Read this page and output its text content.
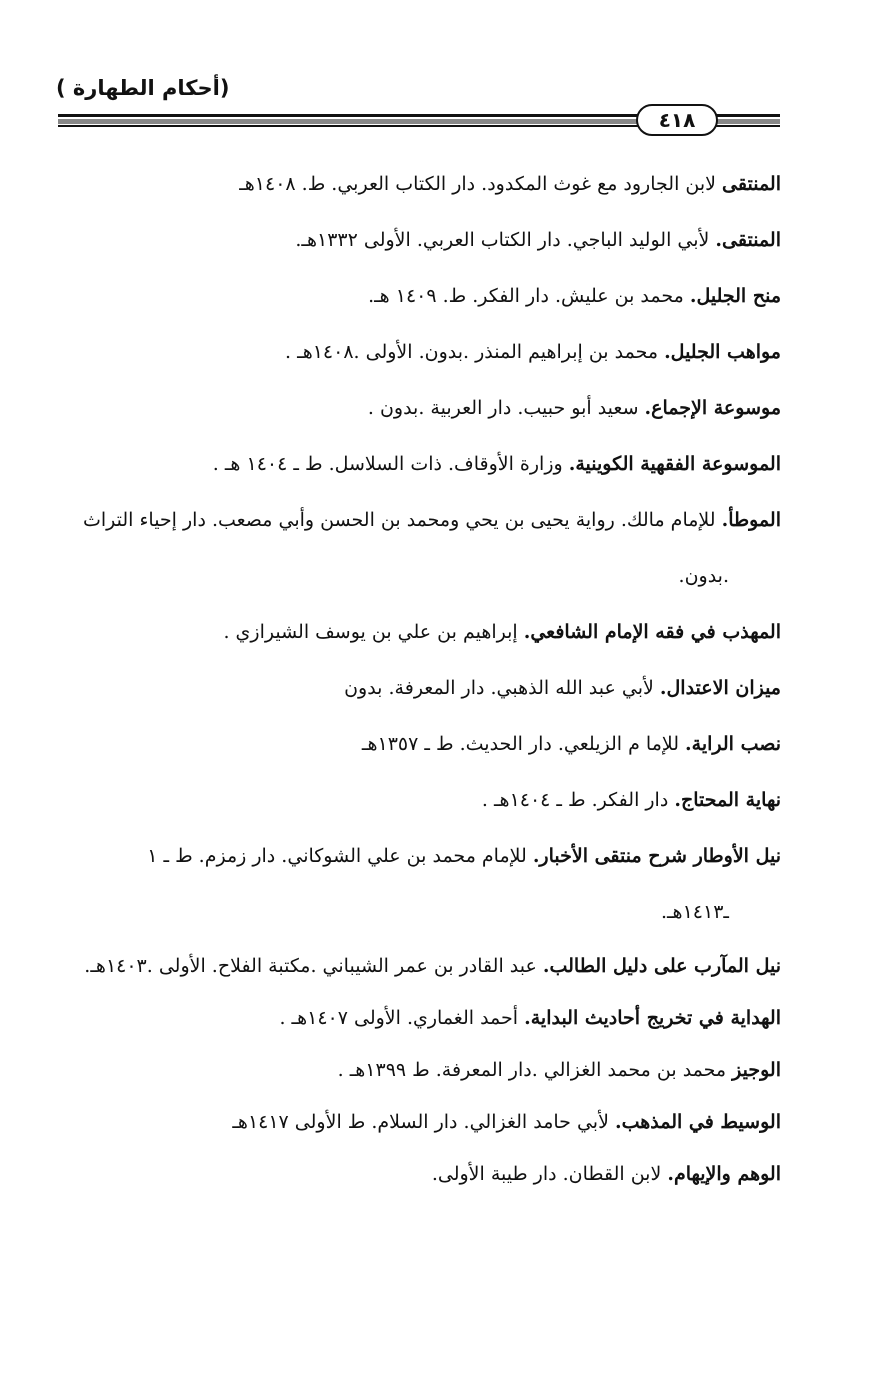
(أحكام الطهارة )
٤١٨

المنتقى لابن الجارود مع غوث المكدود. دار الكتاب العربي. ط. ١٤٠٨هـ

المنتقى. لأبي الوليد الباجي. دار الكتاب العربي. الأولى ١٣٣٢هـ.

منح الجليل. محمد بن عليش. دار الفكر. ط. ١٤٠٩ هـ.

مواهب الجليل. محمد بن إبراهيم المنذر .بدون. الأولى .١٤٠٨هـ .

موسوعة الإجماع. سعيد أبو حبيب. دار العربية .بدون .

الموسوعة الفقهية الكوينية. وزارة الأوقاف. ذات السلاسل. ط ـ ١٤٠٤ هـ .

الموطأ. للإمام مالك. رواية يحيى بن يحي ومحمد بن الحسن وأبي مصعب. دار إحياء التراث

.بدون.

المهذب في فقه الإمام الشافعي. إبراهيم بن علي بن يوسف الشيرازي .

ميزان الاعتدال. لأبي عبد الله الذهبي. دار المعرفة. بدون

نصب الراية. للإما م الزيلعي. دار الحديث. ط ـ ١٣٥٧هـ

نهاية المحتاج. دار الفكر. ط ـ ١٤٠٤هـ .

نيل الأوطار شرح منتقى الأخبار. للإمام محمد بن علي الشوكاني. دار زمزم. ط ـ ١

ـ١٤١٣هـ.

نيل المآرب على دليل الطالب. عبد القادر بن عمر الشيباني .مكتبة الفلاح. الأولى .١٤٠٣هـ.

الهداية في تخريج أحاديث البداية. أحمد الغماري. الأولى ١٤٠٧هـ .

الوجيز محمد بن محمد الغزالي .دار المعرفة. ط ١٣٩٩هـ .

الوسيط في المذهب. لأبي حامد الغزالي. دار السلام. ط الأولى ١٤١٧هـ

الوهم والإيهام. لابن القطان. دار طيبة الأولى.
